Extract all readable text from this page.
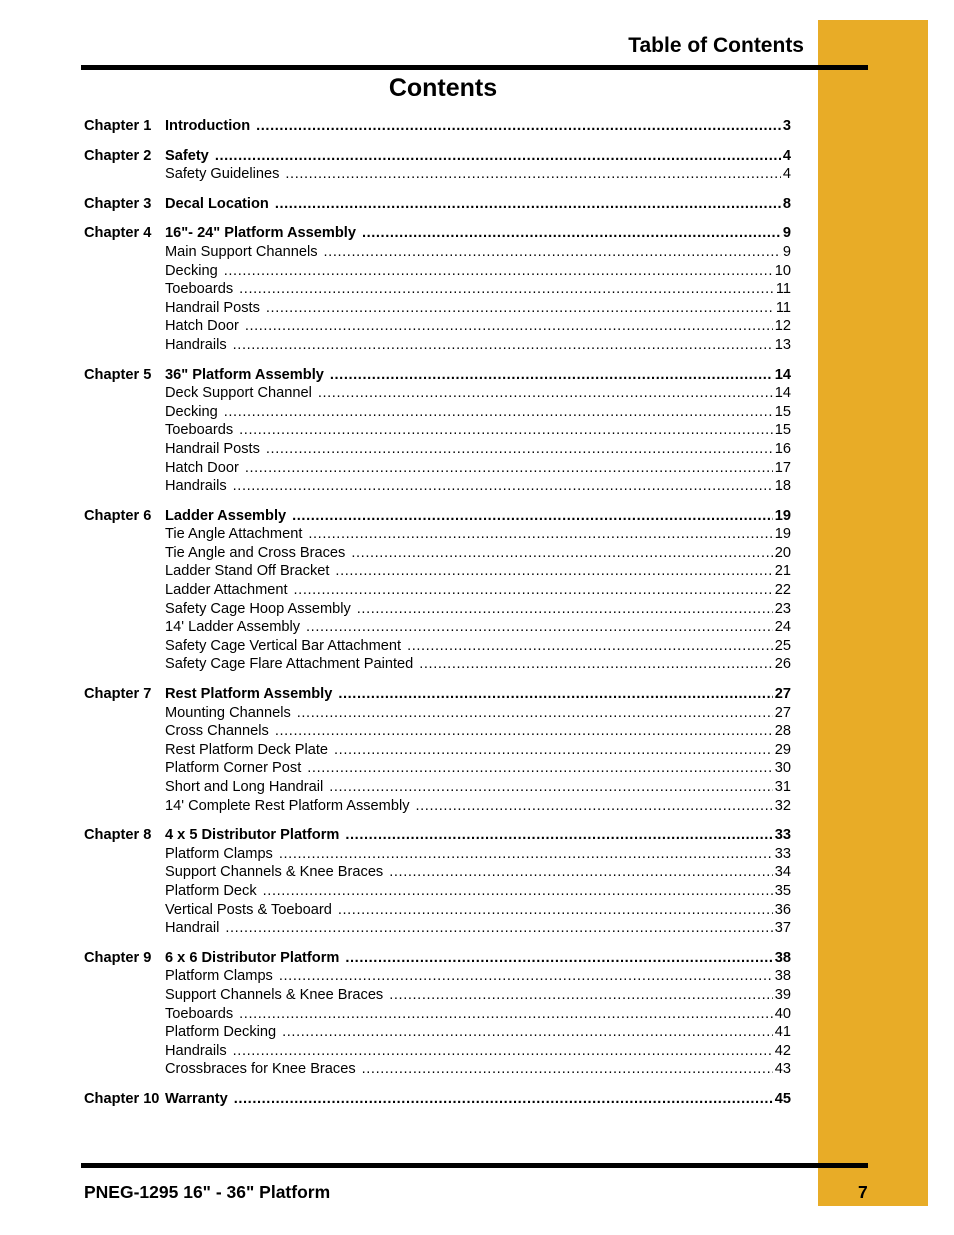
Table of Contents
Contents
Chapter 1 Introduction .....	3
Chapter 2 Safety .....	4
Safety Guidelines .....	4
Chapter 3 Decal Location .....	8
Chapter 4 16"- 24" Platform Assembly .....	9
Main Support Channels .....	9
Decking .....	10
Toeboards .....	11
Handrail Posts .....	11
Hatch Door .....	12
Handrails .....	13
Chapter 5 36" Platform Assembly .....	14
Deck Support Channel .....	14
Decking .....	15
Toeboards .....	15
Handrail Posts .....	16
Hatch Door .....	17
Handrails .....	18
Chapter 6 Ladder Assembly .....	19
Tie Angle Attachment .....	19
Tie Angle and Cross Braces .....	20
Ladder Stand Off Bracket .....	21
Ladder Attachment .....	22
Safety Cage Hoop Assembly .....	23
14' Ladder Assembly .....	24
Safety Cage Vertical Bar Attachment .....	25
Safety Cage Flare Attachment Painted .....	26
Chapter 7 Rest Platform Assembly .....	27
Mounting Channels .....	27
Cross Channels .....	28
Rest Platform Deck Plate .....	29
Platform Corner Post .....	30
Short and Long Handrail .....	31
14' Complete Rest Platform Assembly .....	32
Chapter 8 4 x 5 Distributor Platform .....	33
Platform Clamps .....	33
Support Channels & Knee Braces .....	34
Platform Deck .....	35
Vertical Posts & Toeboard .....	36
Handrail .....	37
Chapter 9 6 x 6 Distributor Platform .....	38
Platform Clamps .....	38
Support Channels & Knee Braces .....	39
Toeboards .....	40
Platform Decking .....	41
Handrails .....	42
Crossbraces for Knee Braces .....	43
Chapter 10 Warranty .....	45
PNEG-1295 16" - 36" Platform	7
